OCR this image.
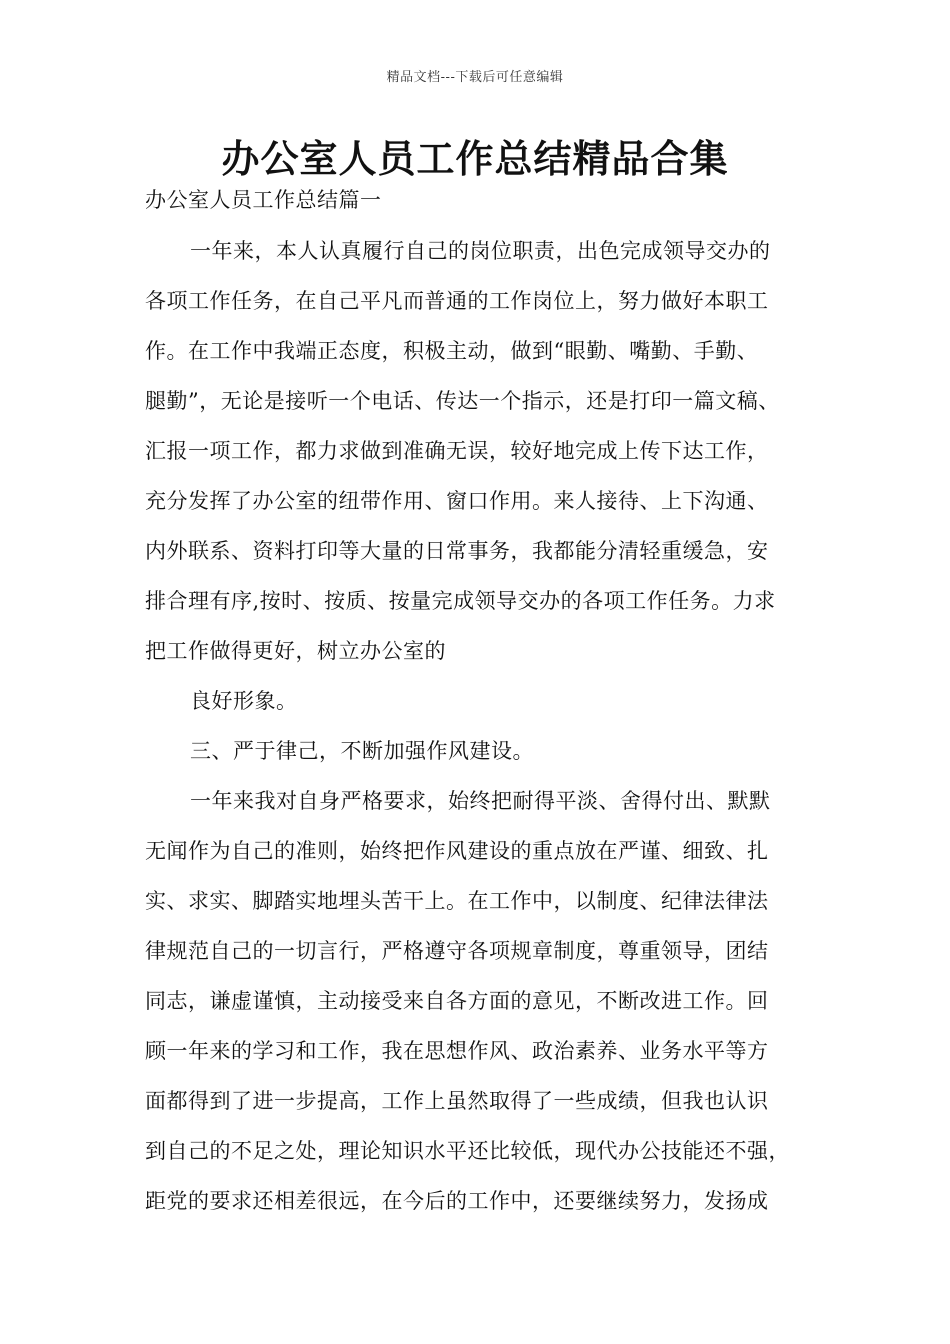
精品文档---下载后可任意编辑
办公室人员工作总结精品合集
办公室人员工作总结篇一
一年来，本人认真履行自己的岗位职责，出色完成领导交办的
各项工作任务，在自己平凡而普通的工作岗位上，努力做好本职工
作。在工作中我端正态度，积极主动，做到“眼勤、嘴勤、手勤、
腿勤”，无论是接听一个电话、传达一个指示，还是打印一篇文稿、
汇报一项工作，都力求做到准确无误，较好地完成上传下达工作，
充分发挥了办公室的纽带作用、窗口作用。来人接待、上下沟通、
内外联系、资料打印等大量的日常事务，我都能分清轻重缓急，安
排合理有序,按时、按质、按量完成领导交办的各项工作任务。力求
把工作做得更好，树立办公室的
良好形象。
三、严于律己，不断加强作风建设。
一年来我对自身严格要求，始终把耐得平淡、舍得付出、默默
无闻作为自己的准则，始终把作风建设的重点放在严谨、细致、扎
实、求实、脚踏实地埋头苦干上。在工作中，以制度、纪律法律法
律规范自己的一切言行，严格遵守各项规章制度，尊重领导，团结
同志，谦虚谨慎，主动接受来自各方面的意见，不断改进工作。回
顾一年来的学习和工作，我在思想作风、政治素养、业务水平等方
面都得到了进一步提高，工作上虽然取得了一些成绩，但我也认识
到自己的不足之处，理论知识水平还比较低，现代办公技能还不强，
距党的要求还相差很远，在今后的工作中，还要继续努力，发扬成
